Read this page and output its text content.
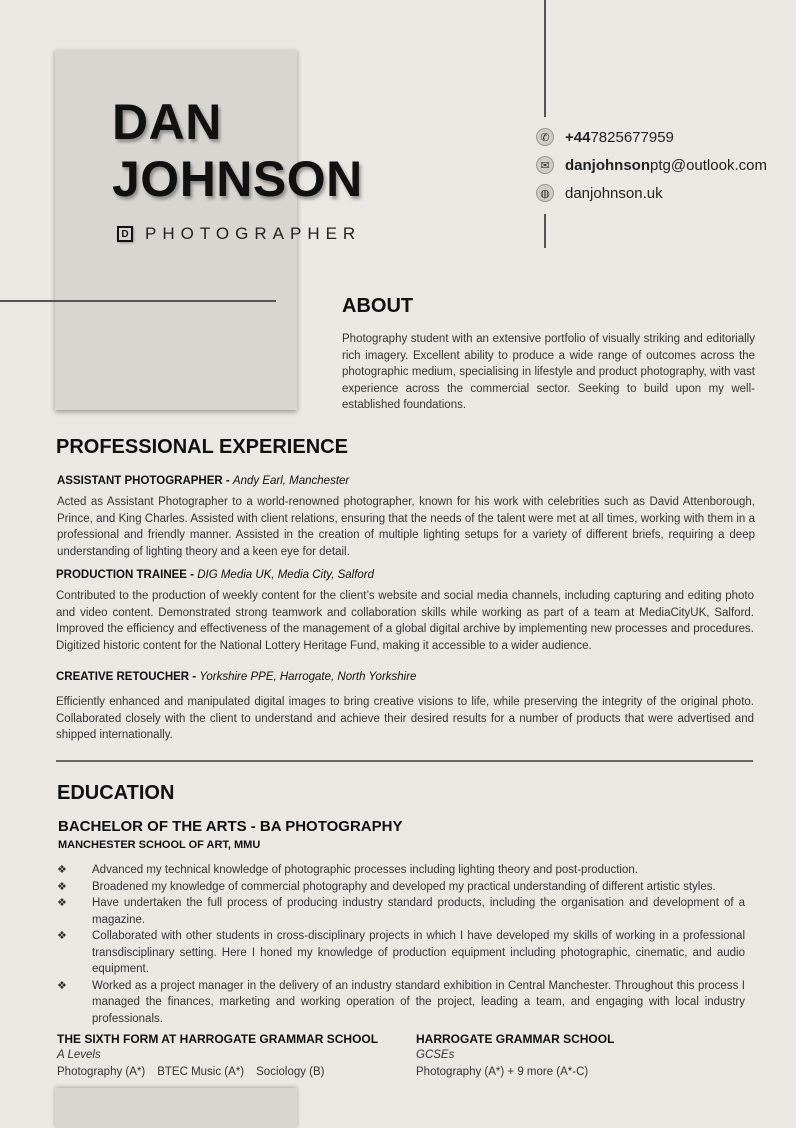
DAN
JOHNSON
D PHOTOGRAPHER
✆ +447825677959
✉ danjohnsonptg@outlook.com
◍ danjohnson.uk
ABOUT
Photography student with an extensive portfolio of visually striking and editorially rich imagery. Excellent ability to produce a wide range of outcomes across the photographic medium, specialising in lifestyle and product photography, with vast experience across the commercial sector. Seeking to build upon my well-established foundations.
PROFESSIONAL EXPERIENCE
ASSISTANT PHOTOGRAPHER - Andy Earl, Manchester
Acted as Assistant Photographer to a world-renowned photographer, known for his work with celebrities such as David Attenborough, Prince, and King Charles. Assisted with client relations, ensuring that the needs of the talent were met at all times, working with them in a professional and friendly manner. Assisted in the creation of multiple lighting setups for a variety of different briefs, requiring a deep understanding of lighting theory and a keen eye for detail.
PRODUCTION TRAINEE - DIG Media UK, Media City, Salford
Contributed to the production of weekly content for the client’s website and social media channels, including capturing and editing photo and video content. Demonstrated strong teamwork and collaboration skills while working as part of a team at MediaCityUK, Salford. Improved the efficiency and effectiveness of the management of a global digital archive by implementing new processes and procedures. Digitized historic content for the National Lottery Heritage Fund, making it accessible to a wider audience.
CREATIVE RETOUCHER - Yorkshire PPE, Harrogate, North Yorkshire
Efficiently enhanced and manipulated digital images to bring creative visions to life, while preserving the integrity of the original photo. Collaborated closely with the client to understand and achieve their desired results for a number of products that were advertised and shipped internationally.
EDUCATION
BACHELOR OF THE ARTS - BA PHOTOGRAPHY
MANCHESTER SCHOOL OF ART, MMU
❖	Advanced my technical knowledge of photographic processes including lighting theory and post-production.
❖	Broadened my knowledge of commercial photography and developed my practical understanding of different artistic styles.
❖	Have undertaken the full process of producing industry standard products, including the organisation and development of a magazine.
❖	Collaborated with other students in cross-disciplinary projects in which I have developed my skills of working in a professional transdisciplinary setting. Here I honed my knowledge of production equipment including photographic, cinematic, and audio equipment.
❖	Worked as a project manager in the delivery of an industry standard exhibition in Central Manchester. Throughout this process I managed the finances, marketing and working operation of the project, leading a team, and engaging with local industry professionals.
THE SIXTH FORM AT HARROGATE GRAMMAR SCHOOL
A Levels
Photography (A*) BTEC Music (A*) Sociology (B)
HARROGATE GRAMMAR SCHOOL
GCSEs
Photography (A*) + 9 more (A*-C)
